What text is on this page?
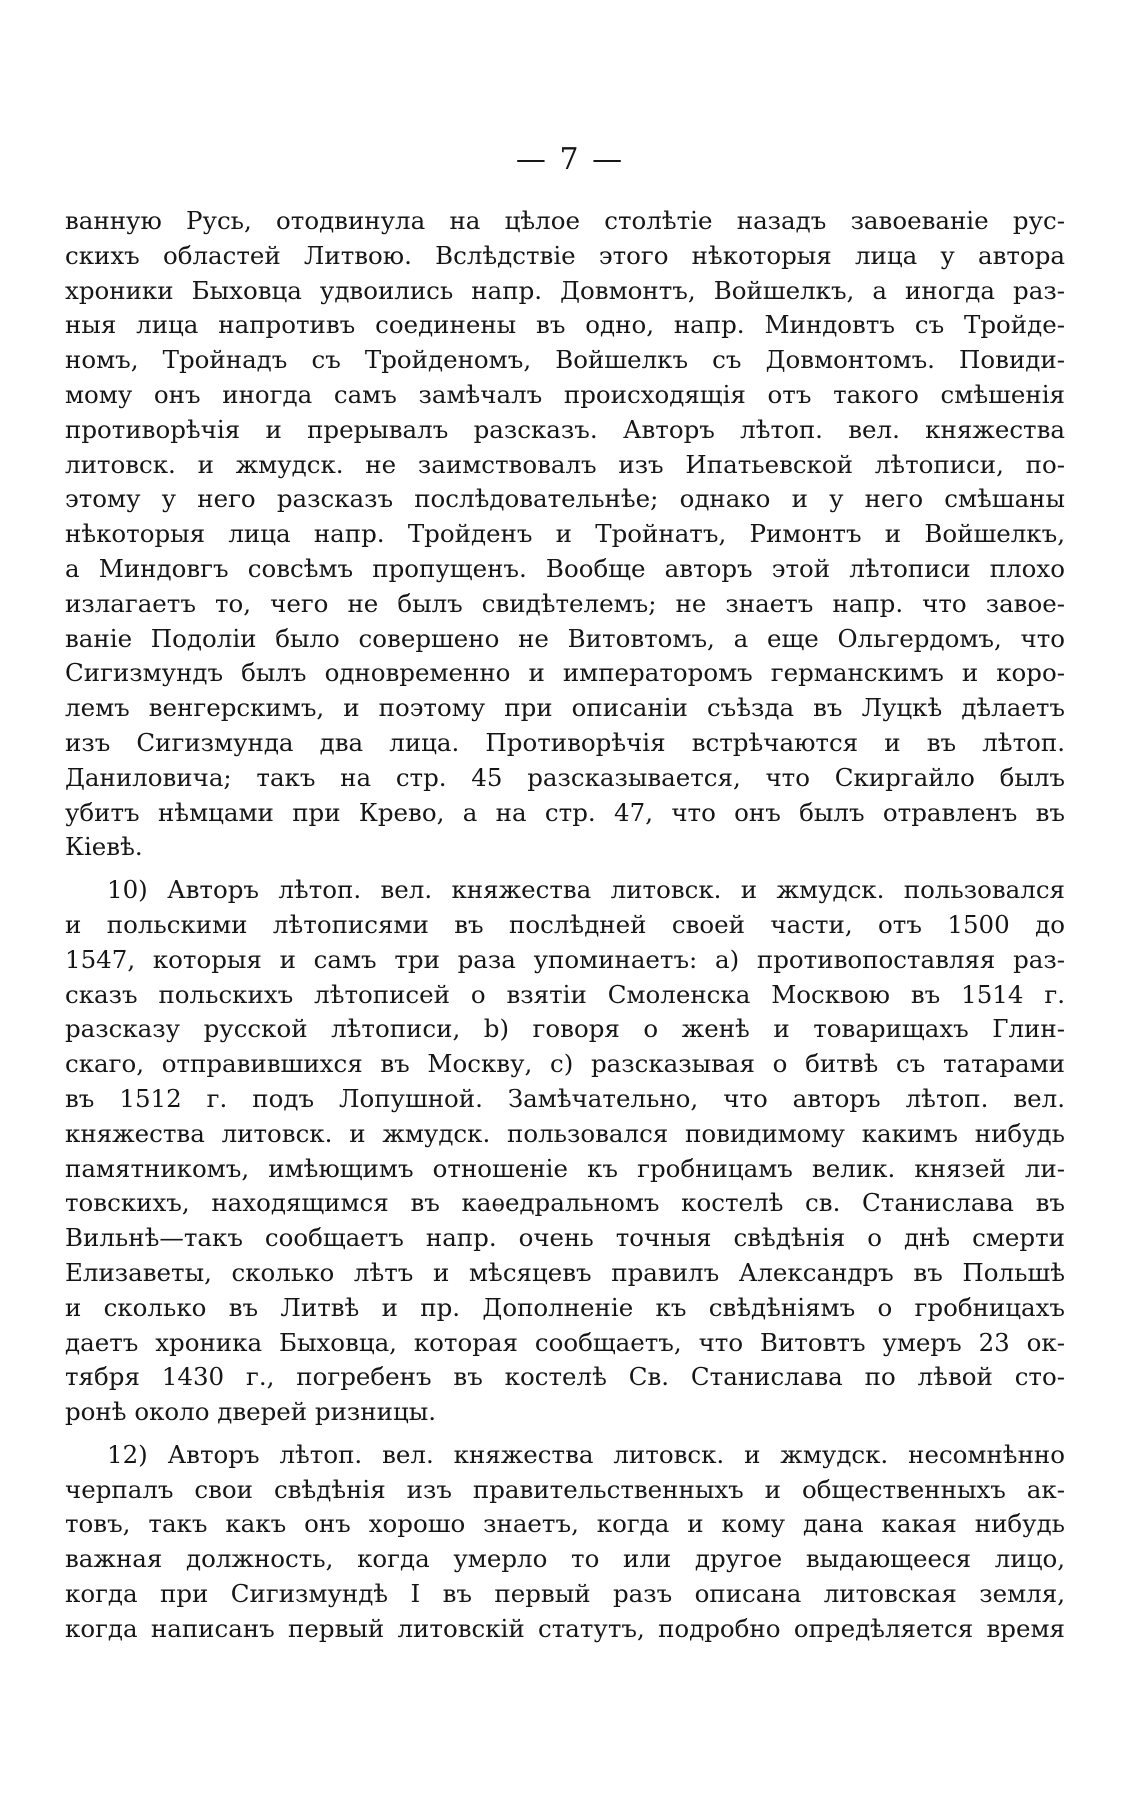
— 7 —
ванную Русь, отодвинула на цѣлое столѣтіе назадъ завоеваніе рус-
скихъ областей Литвою. Вслѣдствіе этого нѣкоторыя лица у автора
хроники Быховца удвоились напр. Довмонтъ, Войшелкъ, а иногда раз-
ныя лица напротивъ соединены въ одно, напр. Миндовтъ съ Тройде-
номъ, Тройнадъ съ Тройденомъ, Войшелкъ съ Довмонтомъ. Повиди-
мому онъ иногда самъ замѣчалъ происходящія отъ такого смѣшенія
противорѣчія и прерывалъ разсказъ. Авторъ лѣтоп. вел. княжества
литовск. и жмудск. не заимствовалъ изъ Ипатьевской лѣтописи, по-
этому у него разсказъ послѣдовательнѣе; однако и у него смѣшаны
нѣкоторыя лица напр. Тройденъ и Тройнатъ, Римонтъ и Войшелкъ,
а Миндовгъ совсѣмъ пропущенъ. Вообще авторъ этой лѣтописи плохо
излагаетъ то, чего не былъ свидѣтелемъ; не знаетъ напр. что завое-
ваніе Подоліи было совершено не Витовтомъ, а еще Ольгердомъ, что
Сигизмундъ былъ одновременно и императоромъ германскимъ и коро-
лемъ венгерскимъ, и поэтому при описаніи съѣзда въ Луцкѣ дѣлаетъ
изъ Сигизмунда два лица. Противорѣчія встрѣчаются и въ лѣтоп.
Даниловича; такъ на стр. 45 разсказывается, что Скиргайло былъ
убитъ нѣмцами при Крево, а на стр. 47, что онъ былъ отравленъ въ
Кіевѣ.
10) Авторъ лѣтоп. вел. княжества литовск. и жмудск. пользовался
и польскими лѣтописями въ послѣдней своей части, отъ 1500 до
1547, которыя и самъ три раза упоминаетъ: а) противопоставляя раз-
сказъ польскихъ лѣтописей о взятіи Смоленска Москвою въ 1514 г.
разсказу русской лѣтописи, b) говоря о женѣ и товарищахъ Глин-
скаго, отправившихся въ Москву, c) разсказывая о битвѣ съ татарами
въ 1512 г. подъ Лопушной. Замѣчательно, что авторъ лѣтоп. вел.
княжества литовск. и жмудск. пользовался повидимому какимъ нибудь
памятникомъ, имѣющимъ отношеніе къ гробницамъ велик. князей ли-
товскихъ, находящимся въ каѳедральномъ костелѣ св. Станислава въ
Вильнѣ—такъ сообщаетъ напр. очень точныя свѣдѣнія о днѣ смерти
Елизаветы, сколько лѣтъ и мѣсяцевъ правилъ Александръ въ Польшѣ
и сколько въ Литвѣ и пр. Дополненіе къ свѣдѣніямъ о гробницахъ
даетъ хроника Быховца, которая сообщаетъ, что Витовтъ умеръ 23 ок-
тября 1430 г., погребенъ въ костелѣ Св. Станислава по лѣвой сто-
ронѣ около дверей ризницы.
12) Авторъ лѣтоп. вел. княжества литовск. и жмудск. несомнѣнно
черпалъ свои свѣдѣнія изъ правительственныхъ и общественныхъ ак-
товъ, такъ какъ онъ хорошо знаетъ, когда и кому дана какая нибудь
важная должность, когда умерло то или другое выдающееся лицо,
когда при Сигизмундѣ I въ первый разъ описана литовская земля,
когда написанъ первый литовскій статутъ, подробно опредѣляется время
